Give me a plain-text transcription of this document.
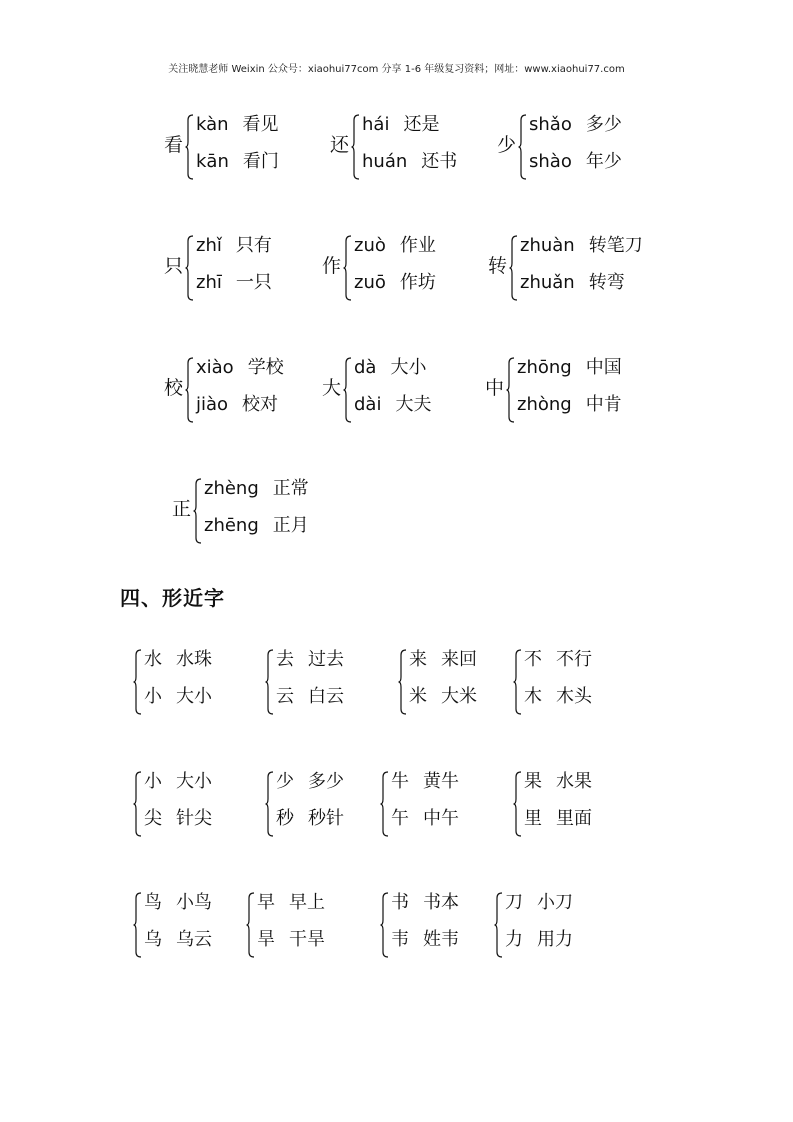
关注晓慧老师 Weixin 公众号：xiaohui77com 分享 1-6 年级复习资料；网址：www.xiaohui77.com
看
kàn 看见
kān 看门
还
hái 还是
huán 还书
少
shǎo 多少
shào 年少
只
zhǐ 只有
zhī 一只
作
zuò 作业
zuō 作坊
转
zhuàn 转笔刀
zhuǎn 转弯
校
xiào 学校
jiào 校对
大
dà 大小
dài 大夫
中
zhōng 中国
zhòng 中肯
正
zhèng 正常
zhēng 正月
四、形近字
水 水珠
小 大小
去 过去
云 白云
来 来回
米 大米
不 不行
木 木头
小 大小
尖 针尖
少 多少
秒 秒针
牛 黄牛
午 中午
果 水果
里 里面
鸟 小鸟
乌 乌云
早 早上
旱 干旱
书 书本
韦 姓韦
刀 小刀
力 用力
